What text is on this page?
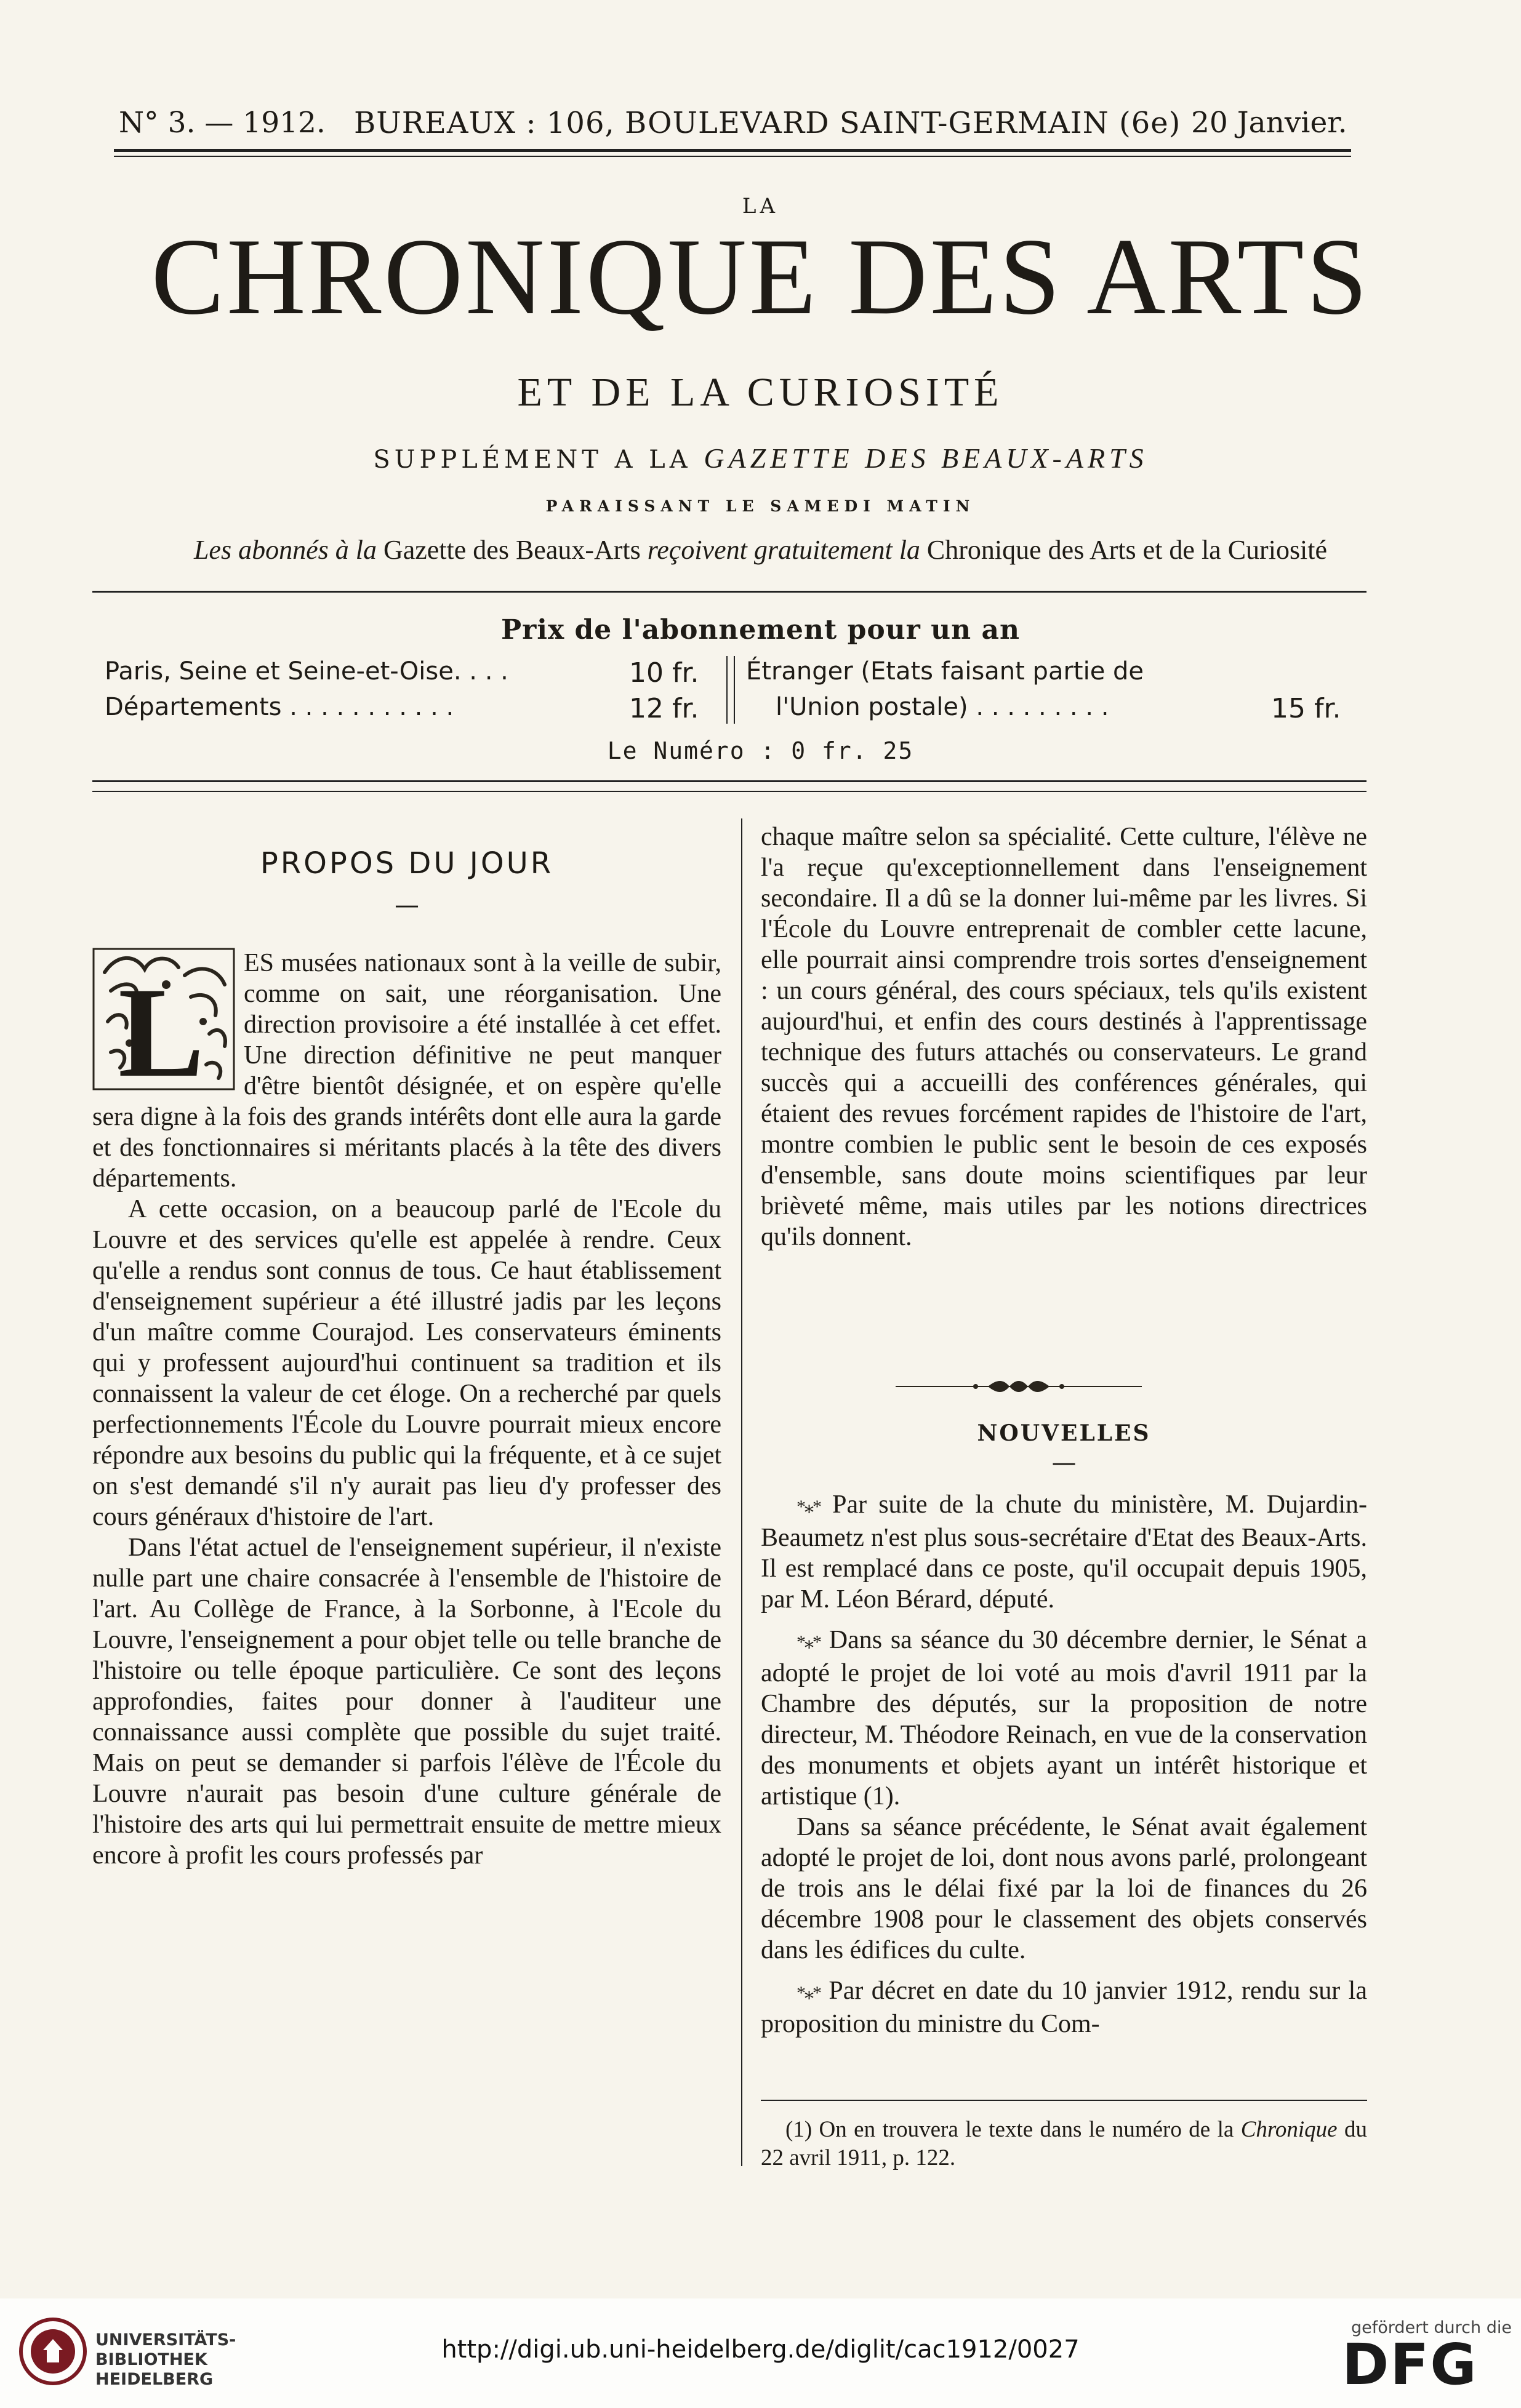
N° 3. — 1912. BUREAUX : 106, BOULEVARD SAINT-GERMAIN (6e) 20 Janvier.
LA
CHRONIQUE DES ARTS
ET DE LA CURIOSITÉ
SUPPLÉMENT A LA GAZETTE DES BEAUX-ARTS
PARAISSANT LE SAMEDI MATIN
Les abonnés à la Gazette des Beaux-Arts reçoivent gratuitement la Chronique des Arts et de la Curiosité
Prix de l'abonnement pour un an
Paris, Seine et Seine-et-Oise. . . .	10 fr.
Départements . . . . . . . . . . .	12 fr.
Étranger (Etats faisant partie de
l'Union postale) . . . . . . . . .	15 fr.
Le Numéro : 0 fr. 25
PROPOS DU JOUR
—
L	ES musées nationaux sont à la veille de subir, comme on sait, une réorganisation. Une direction provisoire a été installée à cet effet. Une direction définitive ne peut manquer d'être bientôt désignée, et on espère qu'elle sera digne à la fois des grands intérêts dont elle aura la garde et des fonctionnaires si méritants placés à la tête des divers départements.

A cette occasion, on a beaucoup parlé de l'Ecole du Louvre et des services qu'elle est appelée à rendre. Ceux qu'elle a rendus sont connus de tous. Ce haut établissement d'enseignement supérieur a été illustré jadis par les leçons d'un maître comme Courajod. Les conservateurs éminents qui y professent aujourd'hui continuent sa tradition et ils connaissent la valeur de cet éloge. On a recherché par quels perfectionnements l'École du Louvre pourrait mieux encore répondre aux besoins du public qui la fréquente, et à ce sujet on s'est demandé s'il n'y aurait pas lieu d'y professer des cours généraux d'histoire de l'art.

Dans l'état actuel de l'enseignement supérieur, il n'existe nulle part une chaire consacrée à l'ensemble de l'histoire de l'art. Au Collège de France, à la Sorbonne, à l'Ecole du Louvre, l'enseignement a pour objet telle ou telle branche de l'histoire ou telle époque particulière. Ce sont des leçons approfondies, faites pour donner à l'auditeur une connaissance aussi complète que possible du sujet traité. Mais on peut se demander si parfois l'élève de l'École du Louvre n'aurait pas besoin d'une culture générale de l'histoire des arts qui lui permettrait ensuite de mettre mieux encore à profit les cours professés par

chaque maître selon sa spécialité. Cette culture, l'élève ne l'a reçue qu'exceptionnellement dans l'enseignement secondaire. Il a dû se la donner lui-même par les livres. Si l'École du Louvre entreprenait de combler cette lacune, elle pourrait ainsi comprendre trois sortes d'enseignement : un cours général, des cours spéciaux, tels qu'ils existent aujourd'hui, et enfin des cours destinés à l'apprentissage technique des futurs attachés ou conservateurs. Le grand succès qui a accueilli des conférences générales, qui étaient des revues forcément rapides de l'histoire de l'art, montre combien le public sent le besoin de ces exposés d'ensemble, sans doute moins scientifiques par leur brièveté même, mais utiles par les notions directrices qu'ils donnent.

NOUVELLES
—

*⁎* Par suite de la chute du ministère, M. Dujardin-Beaumetz n'est plus sous-secrétaire d'Etat des Beaux-Arts. Il est remplacé dans ce poste, qu'il occupait depuis 1905, par M. Léon Bérard, député.

*⁎* Dans sa séance du 30 décembre dernier, le Sénat a adopté le projet de loi voté au mois d'avril 1911 par la Chambre des députés, sur la proposition de notre directeur, M. Théodore Reinach, en vue de la conservation des monuments et objets ayant un intérêt historique et artistique (1).

Dans sa séance précédente, le Sénat avait également adopté le projet de loi, dont nous avons parlé, prolongeant de trois ans le délai fixé par la loi de finances du 26 décembre 1908 pour le classement des objets conservés dans les édifices du culte.

*⁎* Par décret en date du 10 janvier 1912, rendu sur la proposition du ministre du Com-

(1) On en trouvera le texte dans le numéro de la Chronique du 22 avril 1911, p. 122.

UNIVERSITÄTS-
BIBLIOTHEK
HEIDELBERG
http://digi.ub.uni-heidelberg.de/diglit/cac1912/0027
gefördert durch die
DFG
